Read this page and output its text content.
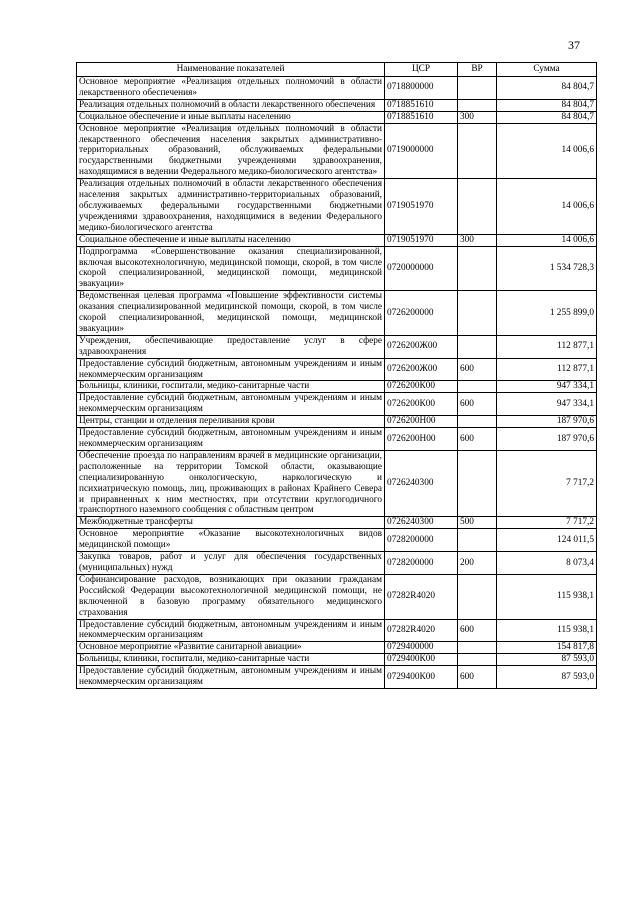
37
Наименование показателей	ЦСР	ВР	Сумма
Основное мероприятие «Реализация отдельных полномочий в области лекарственного обеспечения»	0718800000		84 804,7
Реализация отдельных полномочий в области лекарственного обеспечения	0718851610		84 804,7
Социальное обеспечение и иные выплаты населению	0718851610	300	84 804,7
Основное мероприятие «Реализация отдельных полномочий в области лекарственного обеспечения населения закрытых административно-территориальных образований, обслуживаемых федеральными государственными бюджетными учреждениями здравоохранения, находящимися в ведении Федерального медико-биологического агентства»	0719000000		14 006,6
Реализация отдельных полномочий в области лекарственного обеспечения населения закрытых административно-территориальных образований, обслуживаемых федеральными государственными бюджетными учреждениями здравоохранения, находящимися в ведении Федерального медико-биологического агентства	0719051970		14 006,6
Социальное обеспечение и иные выплаты населению	0719051970	300	14 006,6
Подпрограмма «Совершенствование оказания специализированной, включая высокотехнологичную, медицинской помощи, скорой, в том числе скорой специализированной, медицинской помощи, медицинской эвакуации»	0720000000		1 534 728,3
Ведомственная целевая программа «Повышение эффективности системы оказания специализированной медицинской помощи, скорой, в том числе скорой специализированной, медицинской помощи, медицинской эвакуации»	0726200000		1 255 899,0
Учреждения, обеспечивающие предоставление услуг в сфере здравоохранения	0726200Ж00		112 877,1
Предоставление субсидий бюджетным, автономным учреждениям и иным некоммерческим организациям	0726200Ж00	600	112 877,1
Больницы, клиники, госпитали, медико-санитарные части	0726200К00		947 334,1
Предоставление субсидий бюджетным, автономным учреждениям и иным некоммерческим организациям	0726200К00	600	947 334,1
Центры, станции и отделения переливания крови	0726200Н00		187 970,6
Предоставление субсидий бюджетным, автономным учреждениям и иным некоммерческим организациям	0726200Н00	600	187 970,6
Обеспечение проезда по направлениям врачей в медицинские организации, расположенные на территории Томской области, оказывающие специализированную онкологическую, наркологическую и психиатрическую помощь, лиц, проживающих в районах Крайнего Севера и приравненных к ним местностях, при отсутствии круглогодичного транспортного наземного сообщения с областным центром	0726240300		7 717,2
Межбюджетные трансферты	0726240300	500	7 717,2
Основное мероприятие «Оказание высокотехнологичных видов медицинской помощи»	0728200000		124 011,5
Закупка товаров, работ и услуг для обеспечения государственных (муниципальных) нужд	0728200000	200	8 073,4
Софинансирование расходов, возникающих при оказании гражданам Российской Федерации высокотехнологичной медицинской помощи, не включенной в базовую программу обязательного медицинского страхования	07282R4020		115 938,1
Предоставление субсидий бюджетным, автономным учреждениям и иным некоммерческим организациям	07282R4020	600	115 938,1
Основное мероприятие «Развитие санитарной авиации»	0729400000		154 817,8
Больницы, клиники, госпитали, медико-санитарные части	0729400К00		87 593,0
Предоставление субсидий бюджетным, автономным учреждениям и иным некоммерческим организациям	0729400К00	600	87 593,0
